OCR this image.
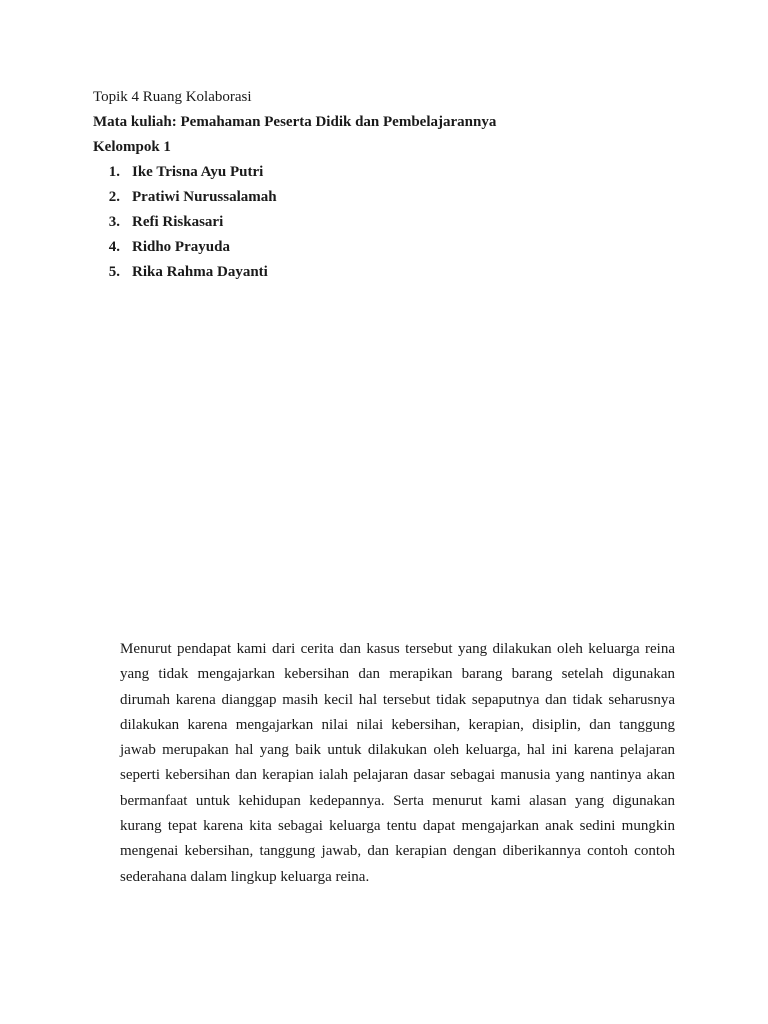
Topik 4 Ruang Kolaborasi
Mata kuliah: Pemahaman Peserta Didik dan Pembelajarannya
Kelompok 1
1. Ike Trisna Ayu Putri
2. Pratiwi Nurussalamah
3. Refi Riskasari
4. Ridho Prayuda
5. Rika Rahma Dayanti
Menurut pendapat kami dari cerita dan kasus tersebut yang dilakukan oleh keluarga reina
yang tidak mengajarkan kebersihan dan merapikan barang barang setelah digunakan
dirumah karena dianggap masih kecil hal tersebut tidak sepaputnya dan tidak seharusnya
dilakukan karena mengajarkan nilai nilai kebersihan, kerapian, disiplin, dan tanggung
jawab merupakan hal yang baik untuk dilakukan oleh keluarga, hal ini karena pelajaran
seperti kebersihan dan kerapian ialah pelajaran dasar sebagai manusia yang nantinya akan
bermanfaat untuk kehidupan kedepannya. Serta menurut kami alasan yang digunakan
kurang tepat karena kita sebagai keluarga tentu dapat mengajarkan anak sedini mungkin
mengenai kebersihan, tanggung jawab, dan kerapian dengan diberikannya contoh contoh
sederahana dalam lingkup keluarga reina.
